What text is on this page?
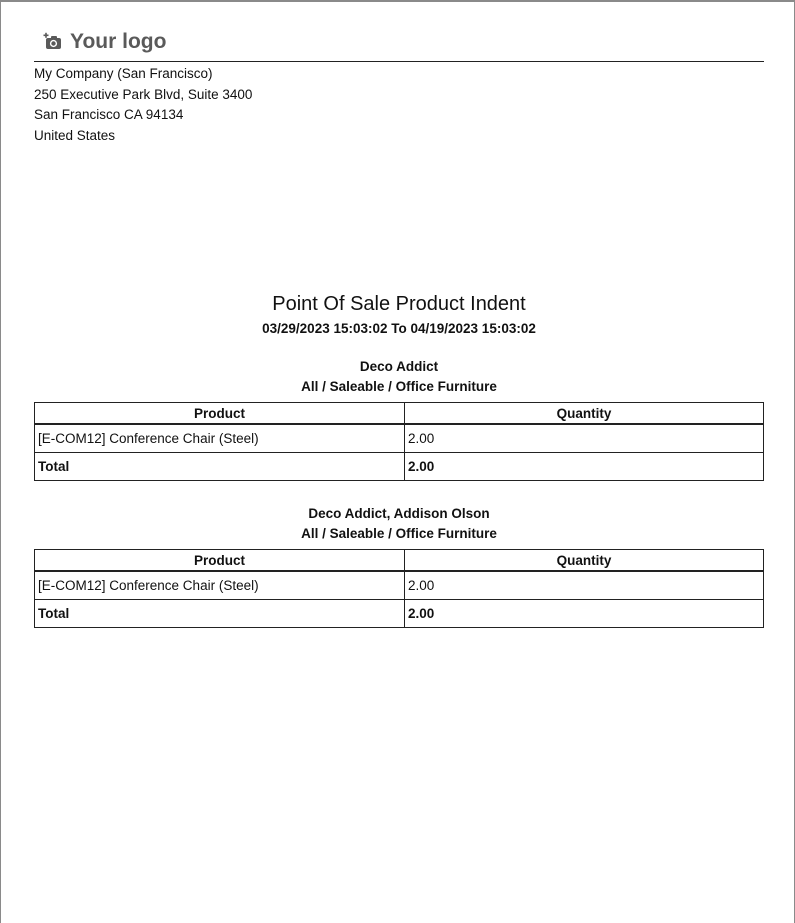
Your logo
My Company (San Francisco)
250 Executive Park Blvd, Suite 3400
San Francisco CA 94134
United States
Point Of Sale Product Indent
03/29/2023 15:03:02 To 04/19/2023 15:03:02
Deco Addict
All / Saleable / Office Furniture
Product	Quantity
[E-COM12] Conference Chair (Steel)	2.00
Total	2.00
Deco Addict, Addison Olson
All / Saleable / Office Furniture
Product	Quantity
[E-COM12] Conference Chair (Steel)	2.00
Total	2.00
